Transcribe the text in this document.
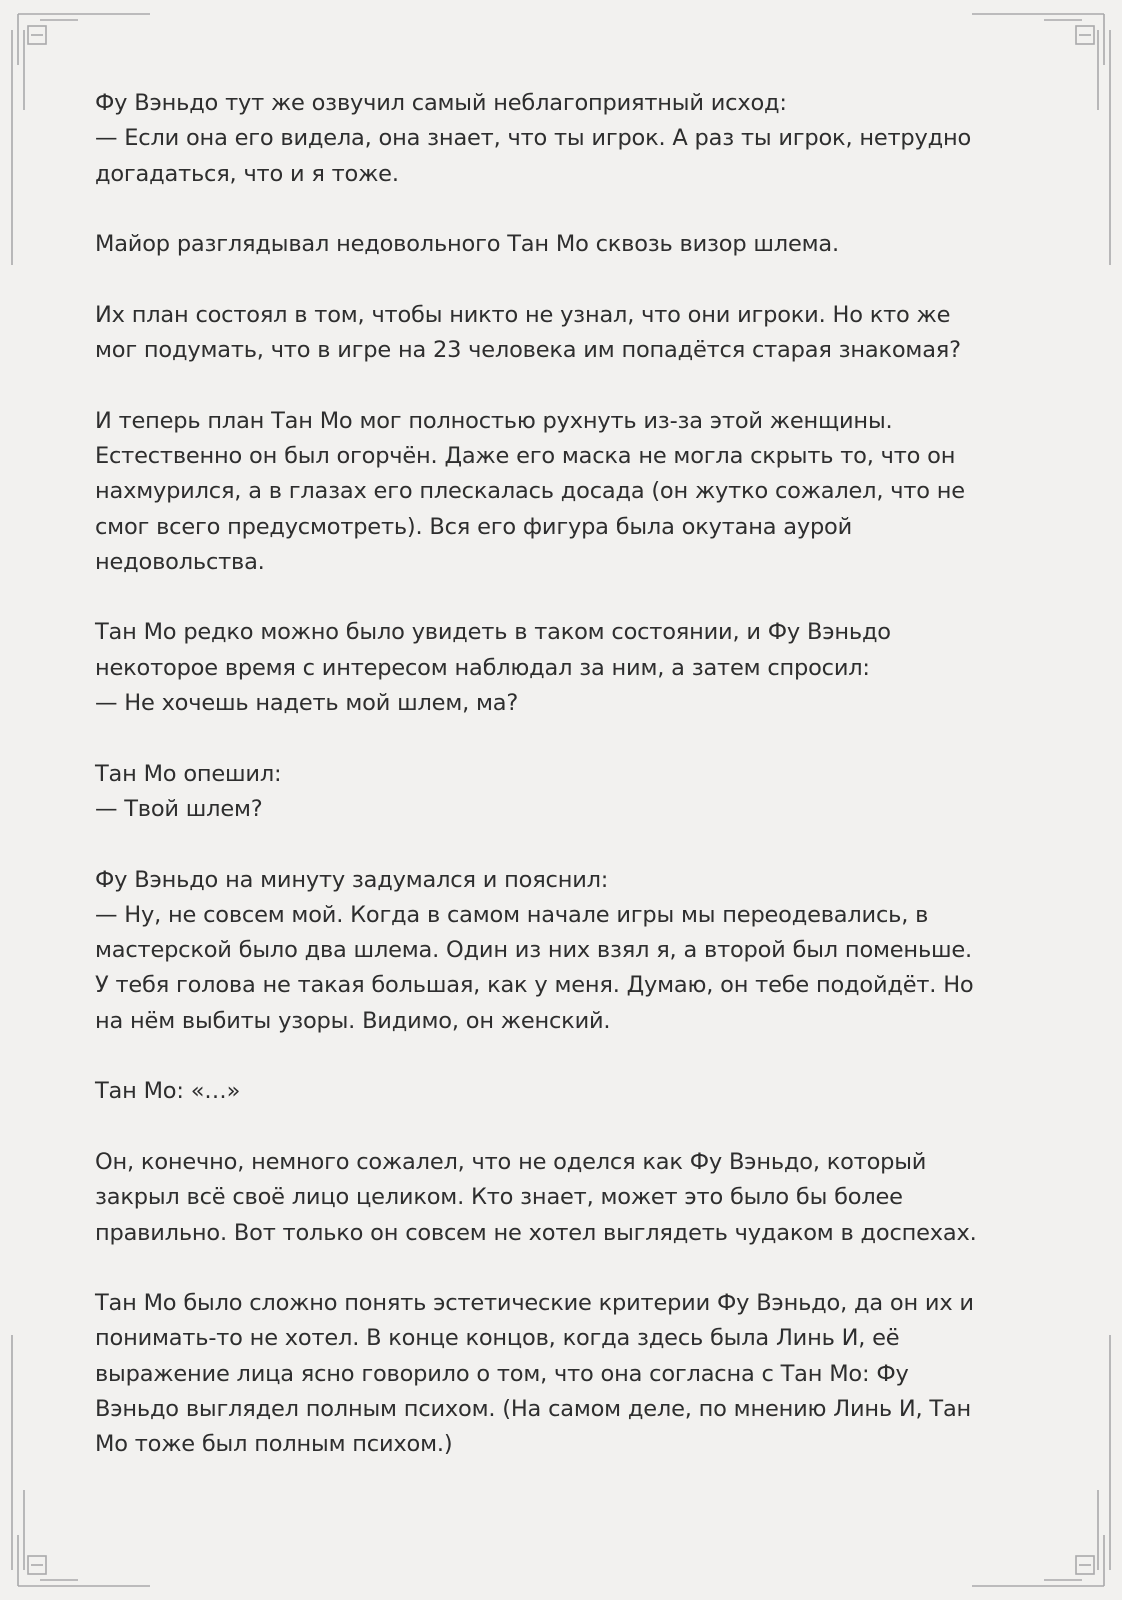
Фу Вэньдо тут же озвучил самый неблагоприятный исход:
— Если она его видела, она знает, что ты игрок. А раз ты игрок, нетрудно
догадаться, что и я тоже.
Майор разглядывал недовольного Тан Мо сквозь визор шлема.
Их план состоял в том, чтобы никто не узнал, что они игроки. Но кто же
мог подумать, что в игре на 23 человека им попадётся старая знакомая?
И теперь план Тан Мо мог полностью рухнуть из-за этой женщины.
Естественно он был огорчён. Даже его маска не могла скрыть то, что он
нахмурился, а в глазах его плескалась досада (он жутко сожалел, что не
смог всего предусмотреть). Вся его фигура была окутана аурой
недовольства.
Тан Мо редко можно было увидеть в таком состоянии, и Фу Вэньдо
некоторое время с интересом наблюдал за ним, а затем спросил:
— Не хочешь надеть мой шлем, ма?
Тан Мо опешил:
— Твой шлем?
Фу Вэньдо на минуту задумался и пояснил:
— Ну, не совсем мой. Когда в самом начале игры мы переодевались, в
мастерской было два шлема. Один из них взял я, а второй был поменьше.
У тебя голова не такая большая, как у меня. Думаю, он тебе подойдёт. Но
на нём выбиты узоры. Видимо, он женский.
Тан Мо: «…»
Он, конечно, немного сожалел, что не оделся как Фу Вэньдо, который
закрыл всё своё лицо целиком. Кто знает, может это было бы более
правильно. Вот только он совсем не хотел выглядеть чудаком в доспехах.
Тан Мо было сложно понять эстетические критерии Фу Вэньдо, да он их и
понимать-то не хотел. В конце концов, когда здесь была Линь И, её
выражение лица ясно говорило о том, что она согласна с Тан Мо: Фу
Вэньдо выглядел полным психом. (На самом деле, по мнению Линь И, Тан
Мо тоже был полным психом.)
